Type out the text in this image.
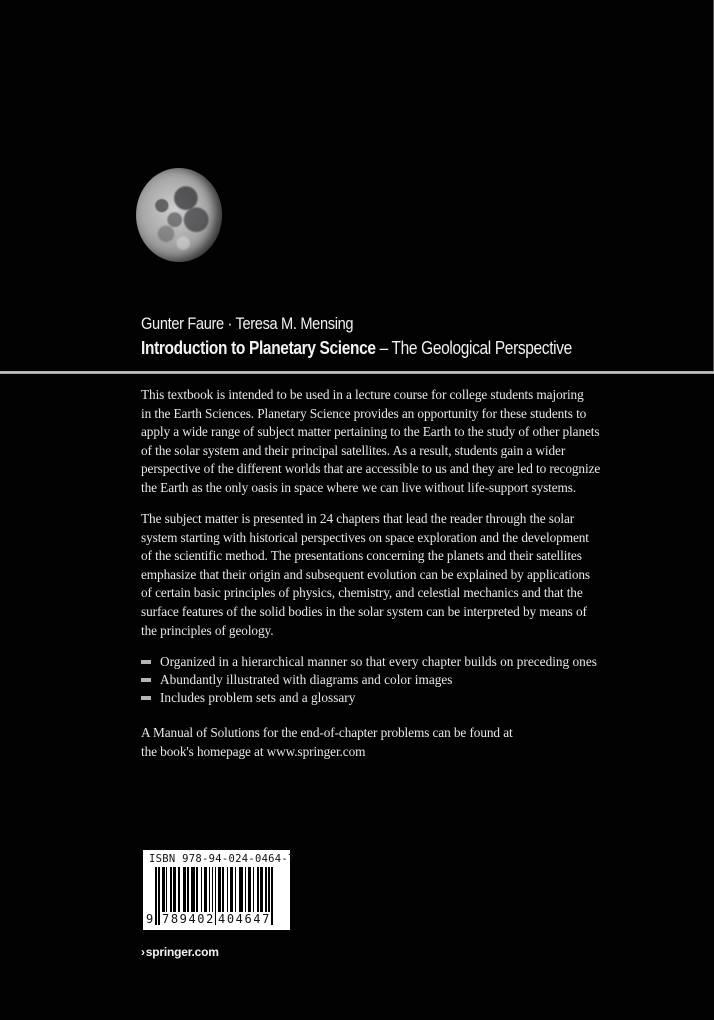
Gunter Faure · Teresa M. Mensing
Introduction to Planetary Science – The Geological Perspective
This textbook is intended to be used in a lecture course for college students majoring
in the Earth Sciences. Planetary Science provides an opportunity for these students to
apply a wide range of subject matter pertaining to the Earth to the study of other planets
of the solar system and their principal satellites. As a result, students gain a wider
perspective of the different worlds that are accessible to us and they are led to recognize
the Earth as the only oasis in space where we can live without life-support systems.
The subject matter is presented in 24 chapters that lead the reader through the solar
system starting with historical perspectives on space exploration and the development
of the scientific method. The presentations concerning the planets and their satellites
emphasize that their origin and subsequent evolution can be explained by applications
of certain basic principles of physics, chemistry, and celestial mechanics and that the
surface features of the solid bodies in the solar system can be interpreted by means of
the principles of geology.
Organized in a hierarchical manner so that every chapter builds on preceding ones
Abundantly illustrated with diagrams and color images
Includes problem sets and a glossary
A Manual of Solutions for the end-of-chapter problems can be found at
the book's homepage at www.springer.com
ISBN 978-94-024-0464-7
9 789402 404647
›springer.com
